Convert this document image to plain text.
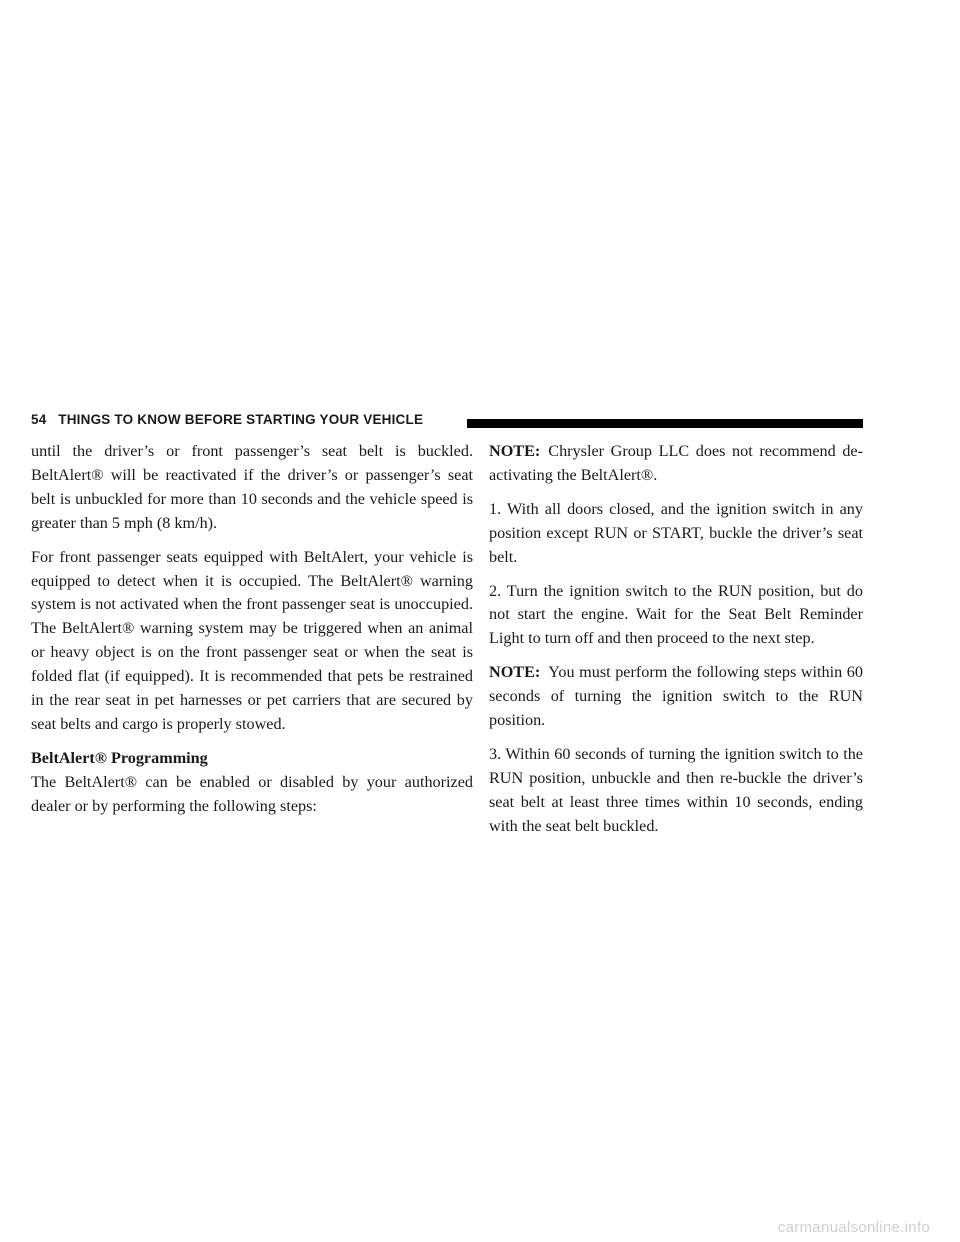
54 THINGS TO KNOW BEFORE STARTING YOUR VEHICLE

until the driver’s or front passenger’s seat belt is buckled. BeltAlert® will be reactivated if the driver’s or passenger’s seat belt is unbuckled for more than 10 seconds and the vehicle speed is greater than 5 mph (8 km/h).

For front passenger seats equipped with BeltAlert, your vehicle is equipped to detect when it is occupied. The BeltAlert® warning system is not activated when the front passenger seat is unoccupied. The BeltAlert® warning system may be triggered when an animal or heavy object is on the front passenger seat or when the seat is folded flat (if equipped). It is recommended that pets be restrained in the rear seat in pet harnesses or pet carriers that are secured by seat belts and cargo is properly stowed.

BeltAlert® Programming

The BeltAlert® can be enabled or disabled by your authorized dealer or by performing the following steps:

NOTE: Chrysler Group LLC does not recommend deactivating the BeltAlert®.

1. With all doors closed, and the ignition switch in any position except RUN or START, buckle the driver’s seat belt.

2. Turn the ignition switch to the RUN position, but do not start the engine. Wait for the Seat Belt Reminder Light to turn off and then proceed to the next step.

NOTE: You must perform the following steps within 60 seconds of turning the ignition switch to the RUN position.

3. Within 60 seconds of turning the ignition switch to the RUN position, unbuckle and then re-buckle the driver’s seat belt at least three times within 10 seconds, ending with the seat belt buckled.

carmanualsonline.info
